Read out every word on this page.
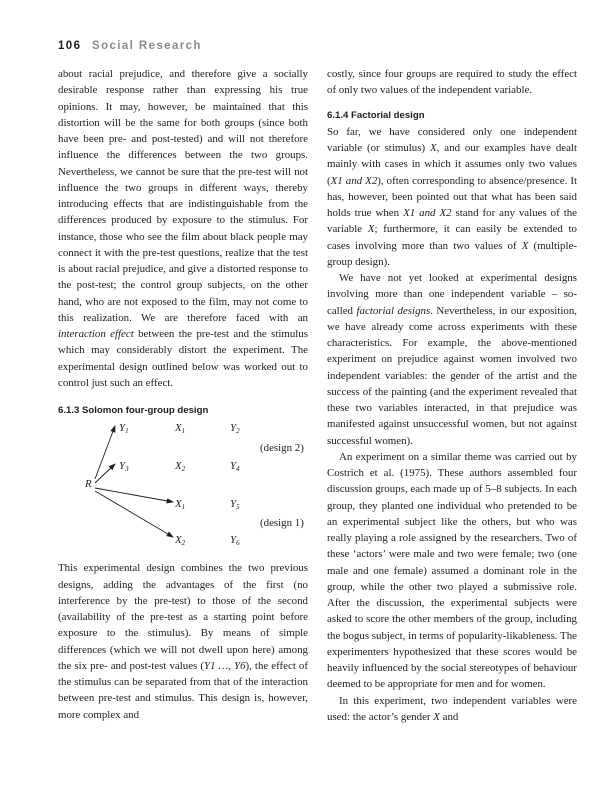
106 Social Research

about racial prejudice, and therefore give a socially desirable response rather than expressing his true opinions. It may, however, be maintained that this distortion will be the same for both groups (since both have been pre- and post-tested) and will not therefore influence the differences between the two groups. Nevertheless, we cannot be sure that the pre-test will not influence the two groups in different ways, thereby introducing effects that are indistinguishable from the differences produced by exposure to the stimulus. For instance, those who see the film about black people may connect it with the pre-test questions, realize that the test is about racial prejudice, and give a distorted response to the post-test; the control group subjects, on the other hand, who are not exposed to the film, may not come to this realization. We are therefore faced with an interaction effect between the pre-test and the stimulus which may considerably distort the experiment. The experimental design outlined below was worked out to control just such an effect.

6.1.3 Solomon four-group design

R
$Y_1$	$X_1$	$Y_2$
(design 2)
$Y_3$	$X_2$	$Y_4$
$X_1$	$Y_5$
(design 1)
$X_2$	$Y_6$

This experimental design combines the two previous designs, adding the advantages of the first (no interference by the pre-test) to those of the second (availability of the pre-test as a starting point before exposure to the stimulus). By means of simple differences (which we will not dwell upon here) among the six pre- and post-test values (Y1 …, Y6), the effect of the stimulus can be separated from that of the interaction between pre-test and stimulus. This design is, however, more complex and

costly, since four groups are required to study the effect of only two values of the independent variable.

6.1.4 Factorial design

So far, we have considered only one independent variable (or stimulus) X, and our examples have dealt mainly with cases in which it assumes only two values (X1 and X2), often corresponding to absence/presence. It has, however, been pointed out that what has been said holds true when X1 and X2 stand for any values of the variable X; furthermore, it can easily be extended to cases involving more than two values of X (multiple-group design).

We have not yet looked at experimental designs involving more than one independent variable – so-called factorial designs. Nevertheless, in our exposition, we have already come across experiments with these characteristics. For example, the above-mentioned experiment on prejudice against women involved two independent variables: the gender of the artist and the success of the painting (and the experiment revealed that these two variables interacted, in that prejudice was manifested against unsuccessful women, but not against successful women).

An experiment on a similar theme was carried out by Costrich et al. (1975). These authors assembled four discussion groups, each made up of 5–8 subjects. In each group, they planted one individual who pretended to be an experimental subject like the others, but who was really playing a role assigned by the researchers. Two of these ‘actors’ were male and two were female; two (one male and one female) assumed a dominant role in the group, while the other two played a submissive role. After the discussion, the experimental subjects were asked to score the other members of the group, including the bogus subject, in terms of popularity-likableness. The experimenters hypothesized that these scores would be heavily influenced by the social stereotypes of behaviour deemed to be appropriate for men and for women.

In this experiment, two independent variables were used: the actor’s gender X and
